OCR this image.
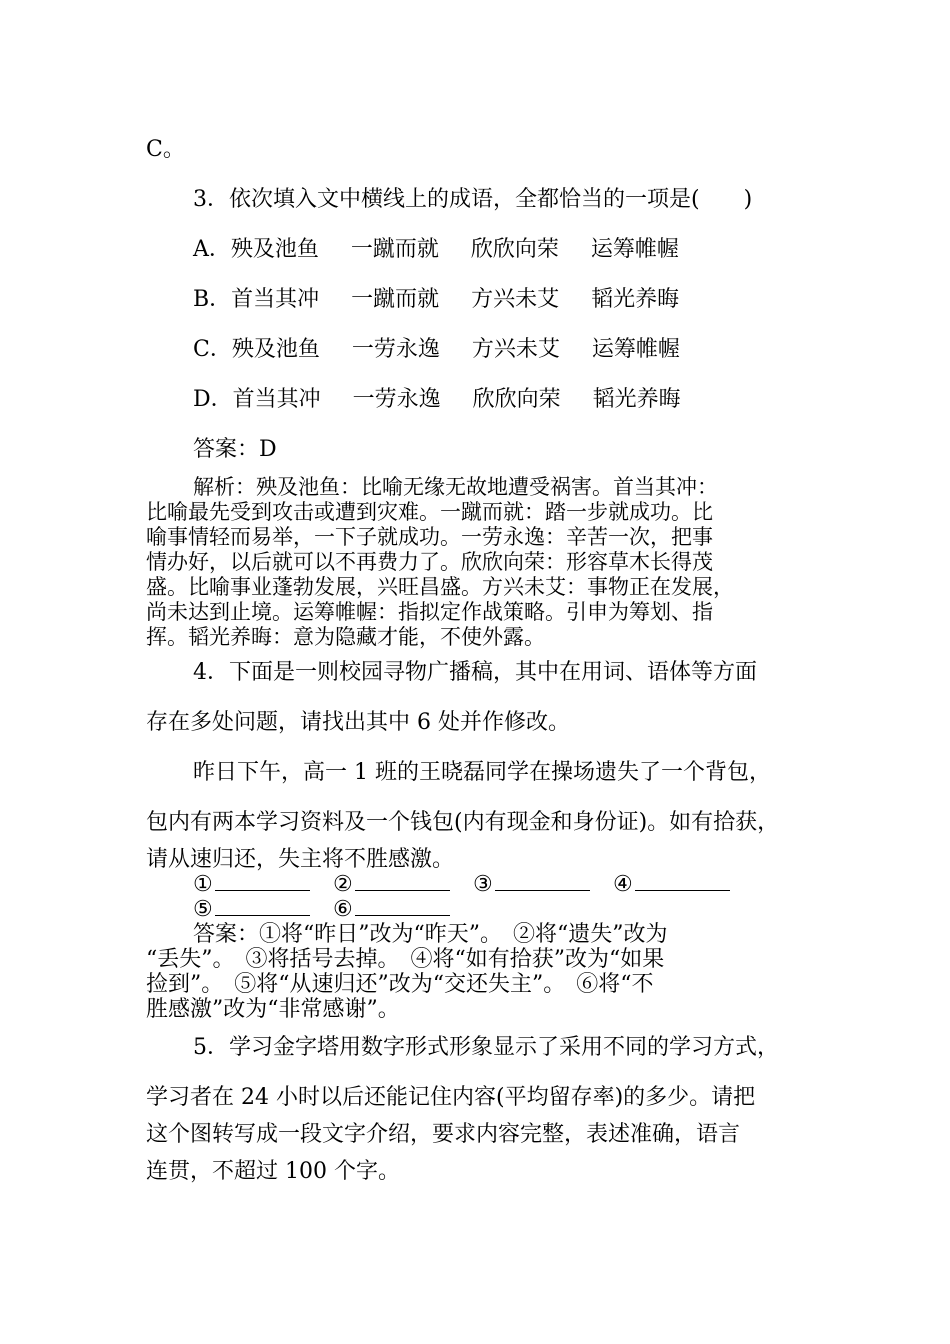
C。
3．依次填入文中横线上的成语，全都恰当的一项是(　　)
A．殃及池鱼 一蹴而就 欣欣向荣 运筹帷幄
B．首当其冲 一蹴而就 方兴未艾 韬光养晦
C．殃及池鱼 一劳永逸 方兴未艾 运筹帷幄
D．首当其冲 一劳永逸 欣欣向荣 韬光养晦
答案：D
解析：殃及池鱼：比喻无缘无故地遭受祸害。首当其冲：
比喻最先受到攻击或遭到灾难。一蹴而就：踏一步就成功。比
喻事情轻而易举，一下子就成功。一劳永逸：辛苦一次，把事
情办好，以后就可以不再费力了。欣欣向荣：形容草木长得茂
盛。比喻事业蓬勃发展，兴旺昌盛。方兴未艾：事物正在发展，
尚未达到止境。运筹帷幄：指拟定作战策略。引申为筹划、指
挥。韬光养晦：意为隐藏才能，不使外露。
4．下面是一则校园寻物广播稿，其中在用词、语体等方面
存在多处问题，请找出其中 6 处并作修改。
昨日下午，高一 1 班的王晓磊同学在操场遗失了一个背包，
包内有两本学习资料及一个钱包(内有现金和身份证)。如有拾获，
请从速归还，失主将不胜感激。
①	②	③	④
⑤	⑥
答案：①将“昨日”改为“昨天”。　②将“遗失”改为
“丢失”。　③将括号去掉。　④将“如有拾获”改为“如果
捡到”。　⑤将“从速归还”改为“交还失主”。　⑥将“不
胜感激”改为“非常感谢”。
5．学习金字塔用数字形式形象显示了采用不同的学习方式，
学习者在 24 小时以后还能记住内容(平均留存率)的多少。请把
这个图转写成一段文字介绍，要求内容完整，表述准确，语言
连贯，不超过 100 个字。
